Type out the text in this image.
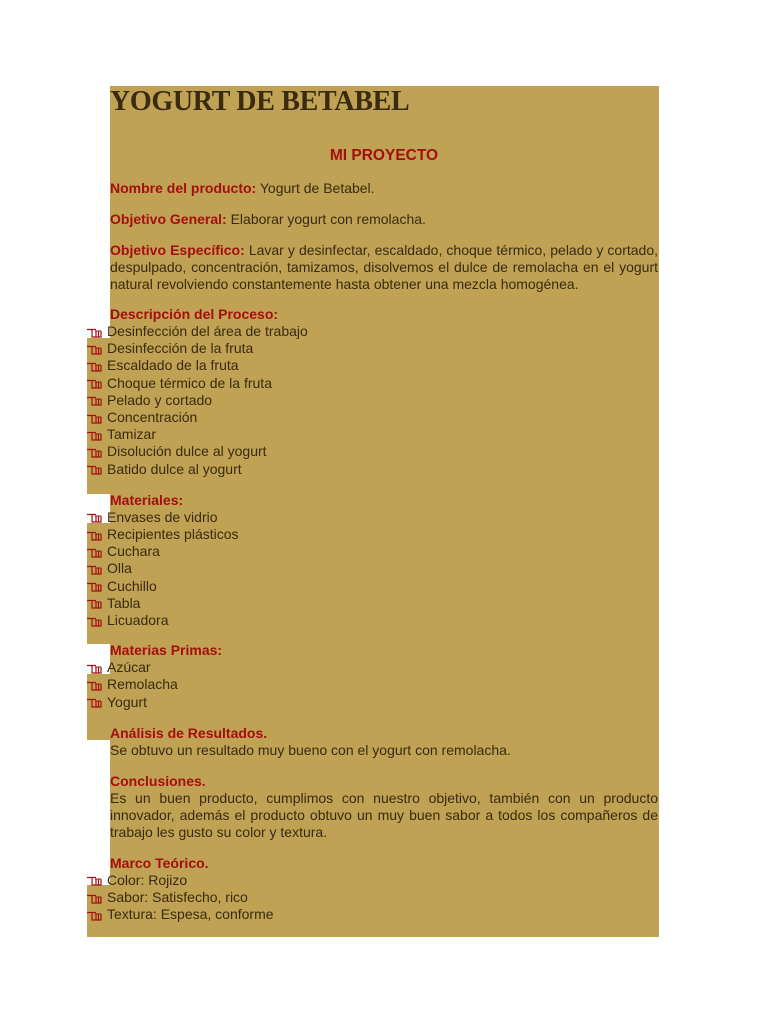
YOGURT DE BETABEL
MI PROYECTO

Nombre del producto: Yogurt de Betabel.

Objetivo General: Elaborar yogurt con remolacha.

Objetivo Específico: Lavar y desinfectar, escaldado, choque térmico, pelado y cortado, despulpado, concentración, tamizamos, disolvemos el dulce de remolacha en el yogurt natural revolviendo constantemente hasta obtener una mezcla homogénea.

Descripción del Proceso:
Desinfección del área de trabajo
Desinfección de la fruta
Escaldado de la fruta
Choque térmico de la fruta
Pelado y cortado
Concentración
Tamizar
Disolución dulce al yogurt
Batido dulce al yogurt
Materiales:
Envases de vidrio
Recipientes plásticos
Cuchara
Olla
Cuchillo
Tabla
Licuadora
Materias Primas:
Azúcar
Remolacha
Yogurt
Análisis de Resultados.

Se obtuvo un resultado muy bueno con el yogurt con remolacha.

Conclusiones.

Es un buen producto, cumplimos con nuestro objetivo, también con un producto innovador, además el producto obtuvo un muy buen sabor a todos los compañeros de trabajo les gusto su color y textura.

Marco Teórico.
Color: Rojizo
Sabor: Satisfecho, rico
Textura: Espesa, conforme
